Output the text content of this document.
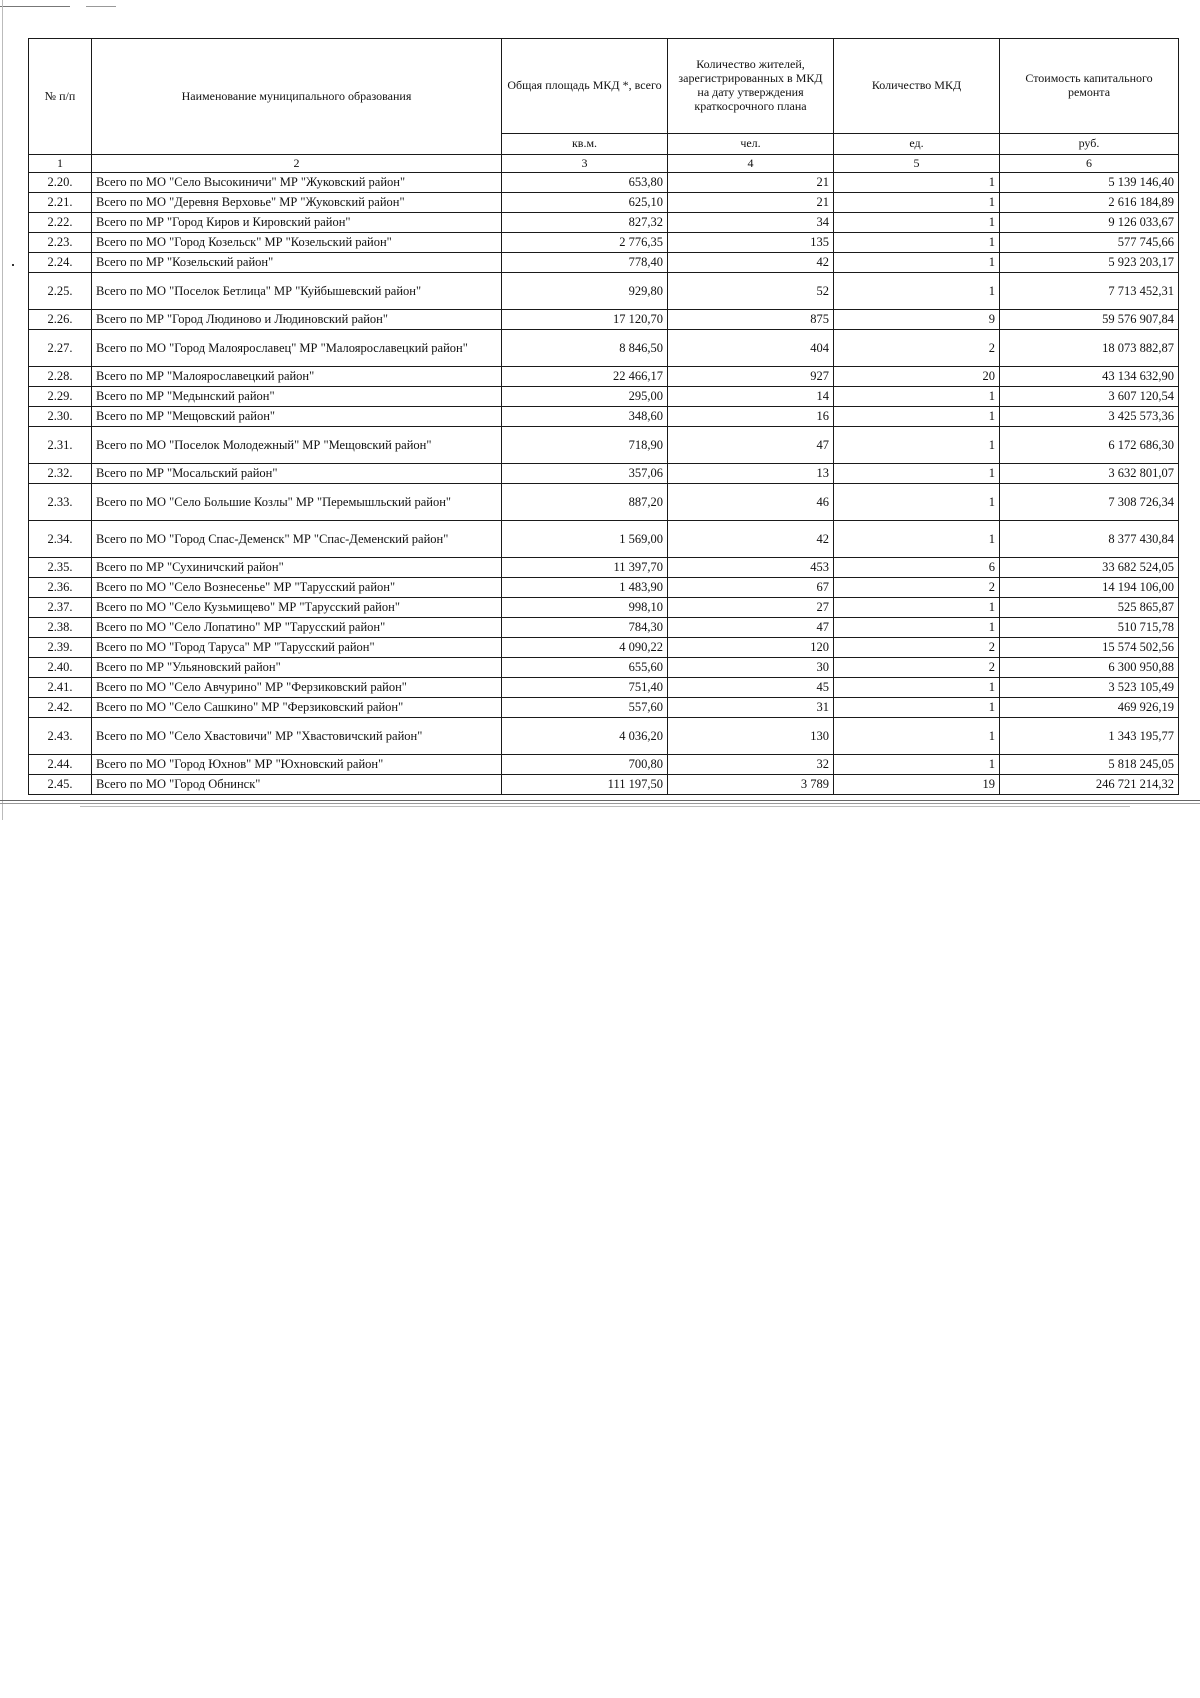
№ п/п	Наименование муниципального образования	Общая площадь МКД *, всего	Количество жителей, зарегистрированных в МКД на дату утверждения краткосрочного плана	Количество МКД	Стоимость капитального ремонта
		кв.м.	чел.	ед.	руб.
1	2	3	4	5	6
2.20.	Всего по МО "Село Высокиничи" МР "Жуковский район"	653,80	21	1	5 139 146,40
2.21.	Всего по МО "Деревня Верховье" МР "Жуковский район"	625,10	21	1	2 616 184,89
2.22.	Всего по МР "Город Киров и Кировский район"	827,32	34	1	9 126 033,67
2.23.	Всего по МО "Город Козельск" МР "Козельский район"	2 776,35	135	1	577 745,66
2.24.	Всего по МР "Козельский район"	778,40	42	1	5 923 203,17
2.25.	Всего по МО "Поселок Бетлица" МР "Куйбышевский район"	929,80	52	1	7 713 452,31
2.26.	Всего по МР "Город Людиново и Людиновский район"	17 120,70	875	9	59 576 907,84
2.27.	Всего по МО "Город Малоярославец" МР "Малоярославецкий район"	8 846,50	404	2	18 073 882,87
2.28.	Всего по МР "Малоярославецкий район"	22 466,17	927	20	43 134 632,90
2.29.	Всего по МР "Медынский район"	295,00	14	1	3 607 120,54
2.30.	Всего по МР "Мещовский район"	348,60	16	1	3 425 573,36
2.31.	Всего по МО "Поселок Молодежный" МР "Мещовский район"	718,90	47	1	6 172 686,30
2.32.	Всего по МР "Мосальский район"	357,06	13	1	3 632 801,07
2.33.	Всего по МО "Село Большие Козлы" МР "Перемышльский район"	887,20	46	1	7 308 726,34
2.34.	Всего по МО "Город Спас-Деменск" МР "Спас-Деменский район"	1 569,00	42	1	8 377 430,84
2.35.	Всего по МР "Сухиничский район"	11 397,70	453	6	33 682 524,05
2.36.	Всего по МО "Село Вознесенье" МР "Тарусский район"	1 483,90	67	2	14 194 106,00
2.37.	Всего по МО "Село Кузьмищево" МР "Тарусский район"	998,10	27	1	525 865,87
2.38.	Всего по МО "Село Лопатино" МР "Тарусский район"	784,30	47	1	510 715,78
2.39.	Всего по МО "Город Таруса" МР "Тарусский район"	4 090,22	120	2	15 574 502,56
2.40.	Всего по МР "Ульяновский район"	655,60	30	2	6 300 950,88
2.41.	Всего по МО "Село Авчурино" МР "Ферзиковский район"	751,40	45	1	3 523 105,49
2.42.	Всего по МО "Село Сашкино" МР "Ферзиковский район"	557,60	31	1	469 926,19
2.43.	Всего по МО "Село Хвастовичи" МР "Хвастовичский район"	4 036,20	130	1	1 343 195,77
2.44.	Всего по МО "Город Юхнов" МР "Юхновский район"	700,80	32	1	5 818 245,05
2.45.	Всего по МО "Город Обнинск"	111 197,50	3 789	19	246 721 214,32
